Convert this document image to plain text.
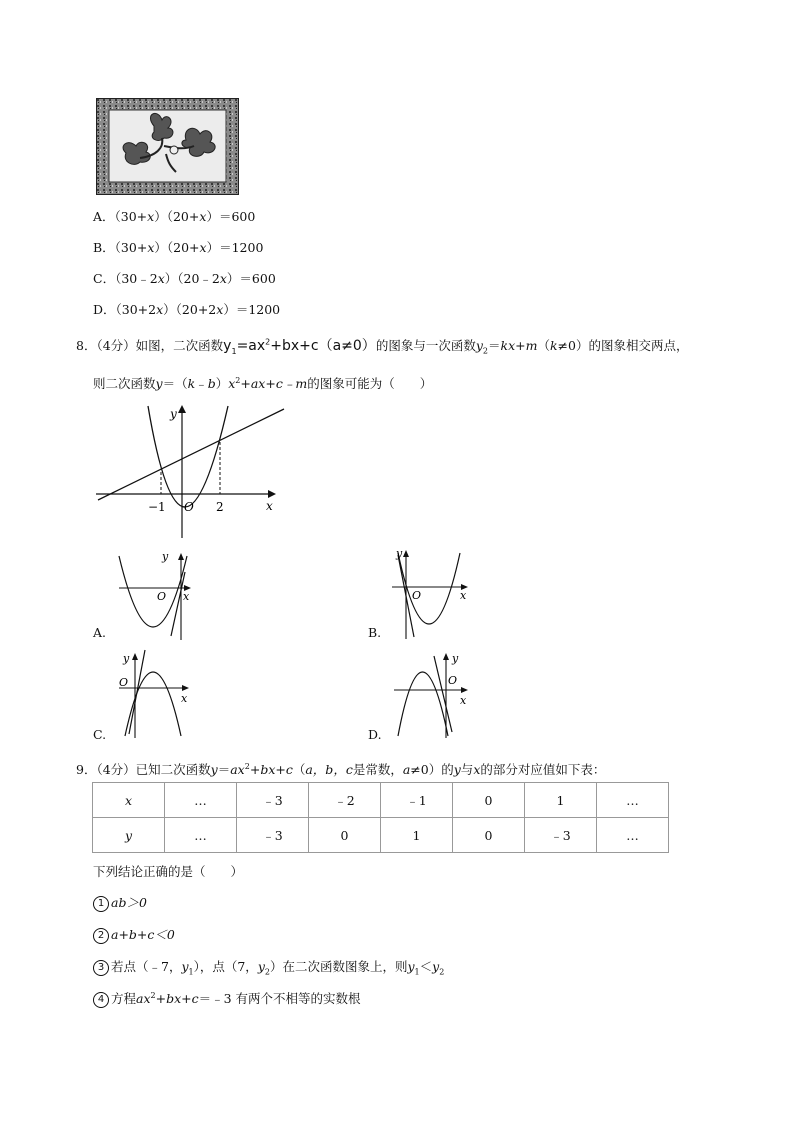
A．（30+x）（20+x）＝600
B．（30+x）（20+x）＝1200
C．（30﹣2x）（20﹣2x）＝600
D．（30+2x）（20+2x）＝1200
8．（4分）如图，二次函数$y_1=ax^2+bx+c(a\ne 0)$的图象与一次函数$y_2=kx+m(k\ne 0)$的图象相交两点，
则二次函数$y=(k﹣b)x^2+ax+c﹣m$的图象可能为（　　）
y
x
O
−1	2
y
x
O
A.
y
x
O
B.
y
x
O
C.
y
x
O
D.
9．（4分）已知二次函数$y=ax^2+bx+c(a$，b，c是常数，a≠0）的y与x的部分对应值如下表：
x	…	﹣3	﹣2	﹣1	0	1	…
y	…	﹣3	0	1	0	﹣3	…
下列结论正确的是（　　）
1 ab＞0
2 a+b+c＜0
3 若点（﹣7，$y_1$），点（7，$y_2$）在二次函数图象上，则$y_1<y_2$
4 方程$ax^2+bx+c=﹣3$ 有两个不相等的实数根
